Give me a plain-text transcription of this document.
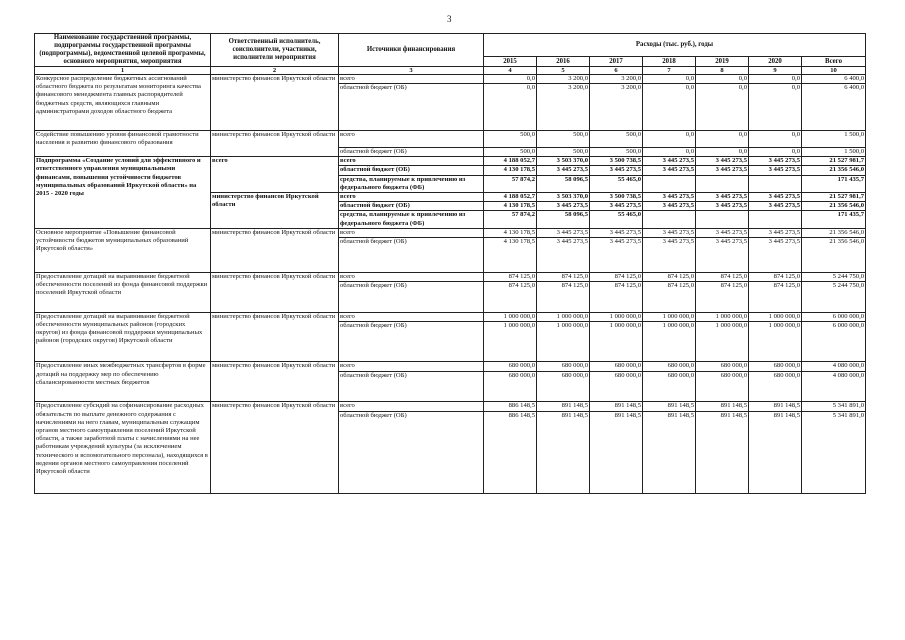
3
Наименование государственной программы, подпрограммы государственной программы (подпрограммы), ведомственной целевой программы, основного мероприятия, мероприятия	Ответственный исполнитель, соисполнители, участники, исполнители мероприятия	Источники финансирования	Расходы (тыс. руб.), годы						
			2015	2016	2017	2018	2019	2020	Всего
1	2	3	4	5	6	7	8	9	10
Конкурсное распределение бюджетных ассигнований областного бюджета по результатам мониторинга качества финансового менеджмента главных распорядителей бюджетных средств, являющихся главными администраторами доходов областного бюджета	министерство финансов Иркутской области	всего	0,0	3 200,0	3 200,0	0,0	0,0	0,0	6 400,0
		областной бюджет (ОБ)	0,0	3 200,0	3 200,0	0,0	0,0	0,0	6 400,0

Содействие повышению уровня финансовой грамотности населения и развитию финансового образования	министерство финансов Иркутской области	всего	500,0	500,0	500,0	0,0	0,0	0,0	1 500,0
		областной бюджет (ОБ)	500,0	500,0	500,0	0,0	0,0	0,0	1 500,0
Подпрограмма «Создание условий для эффективного и ответственного управления муниципальными финансами, повышения устойчивости бюджетов муниципальных образований Иркутской области» на 2015 - 2020 годы	всего	всего	4 188 052,7	3 503 370,0	3 500 738,5	3 445 273,5	3 445 273,5	3 445 273,5	21 527 981,7
		областной бюджет (ОБ)	4 130 178,5	3 445 273,5	3 445 273,5	3 445 273,5	3 445 273,5	3 445 273,5	21 356 546,0
		средства, планируемые к привлечению из федерального бюджета (ФБ)	57 874,2	58 096,5	55 465,0				171 435,7
	министерство финансов Иркутской области	всего	4 188 052,7	3 503 370,0	3 500 738,5	3 445 273,5	3 445 273,5	3 445 273,5	21 527 981,7
		областной бюджет (ОБ)	4 130 178,5	3 445 273,5	3 445 273,5	3 445 273,5	3 445 273,5	3 445 273,5	21 356 546,0
		средства, планируемые к привлечению из федерального бюджета (ФБ)	57 874,2	58 096,5	55 465,0				171 435,7
Основное мероприятие «Повышение финансовой устойчивости бюджетов муниципальных образований Иркутской области»	министерство финансов Иркутской области	всего	4 130 178,5	3 445 273,5	3 445 273,5	3 445 273,5	3 445 273,5	3 445 273,5	21 356 546,0
		областной бюджет (ОБ)	4 130 178,5	3 445 273,5	3 445 273,5	3 445 273,5	3 445 273,5	3 445 273,5	21 356 546,0

Предоставление дотаций на выравнивание бюджетной обеспеченности поселений из фонда финансовой поддержки поселений Иркутской области	министерство финансов Иркутской области	всего	874 125,0	874 125,0	874 125,0	874 125,0	874 125,0	874 125,0	5 244 750,0
		областной бюджет (ОБ)	874 125,0	874 125,0	874 125,0	874 125,0	874 125,0	874 125,0	5 244 750,0

Предоставление дотаций на выравнивание бюджетной обеспеченности муниципальных районов (городских округов) из фонда финансовой поддержки муниципальных районов (городских округов) Иркутской области	министерство финансов Иркутской области	всего	1 000 000,0	1 000 000,0	1 000 000,0	1 000 000,0	1 000 000,0	1 000 000,0	6 000 000,0
		областной бюджет (ОБ)	1 000 000,0	1 000 000,0	1 000 000,0	1 000 000,0	1 000 000,0	1 000 000,0	6 000 000,0

Предоставление иных межбюджетных трансфертов в форме дотаций на поддержку мер по обеспечению сбалансированности местных бюджетов	министерство финансов Иркутской области	всего	680 000,0	680 000,0	680 000,0	680 000,0	680 000,0	680 000,0	4 080 000,0
		областной бюджет (ОБ)	680 000,0	680 000,0	680 000,0	680 000,0	680 000,0	680 000,0	4 080 000,0

Предоставление субсидий на софинансирование расходных обязательств по выплате денежного содержания с начислениями на него главам, муниципальным служащим органов местного самоуправления поселений Иркутской области, а также заработной платы с начислениями на нее работникам учреждений культуры (за исключением технического и вспомогательного персонала), находящихся в ведении органов местного самоуправления поселений Иркутской области	министерство финансов Иркутской области	всего	886 148,5	891 148,5	891 148,5	891 148,5	891 148,5	891 148,5	5 341 891,0
		областной бюджет (ОБ)	886 148,5	891 148,5	891 148,5	891 148,5	891 148,5	891 148,5	5 341 891,0
